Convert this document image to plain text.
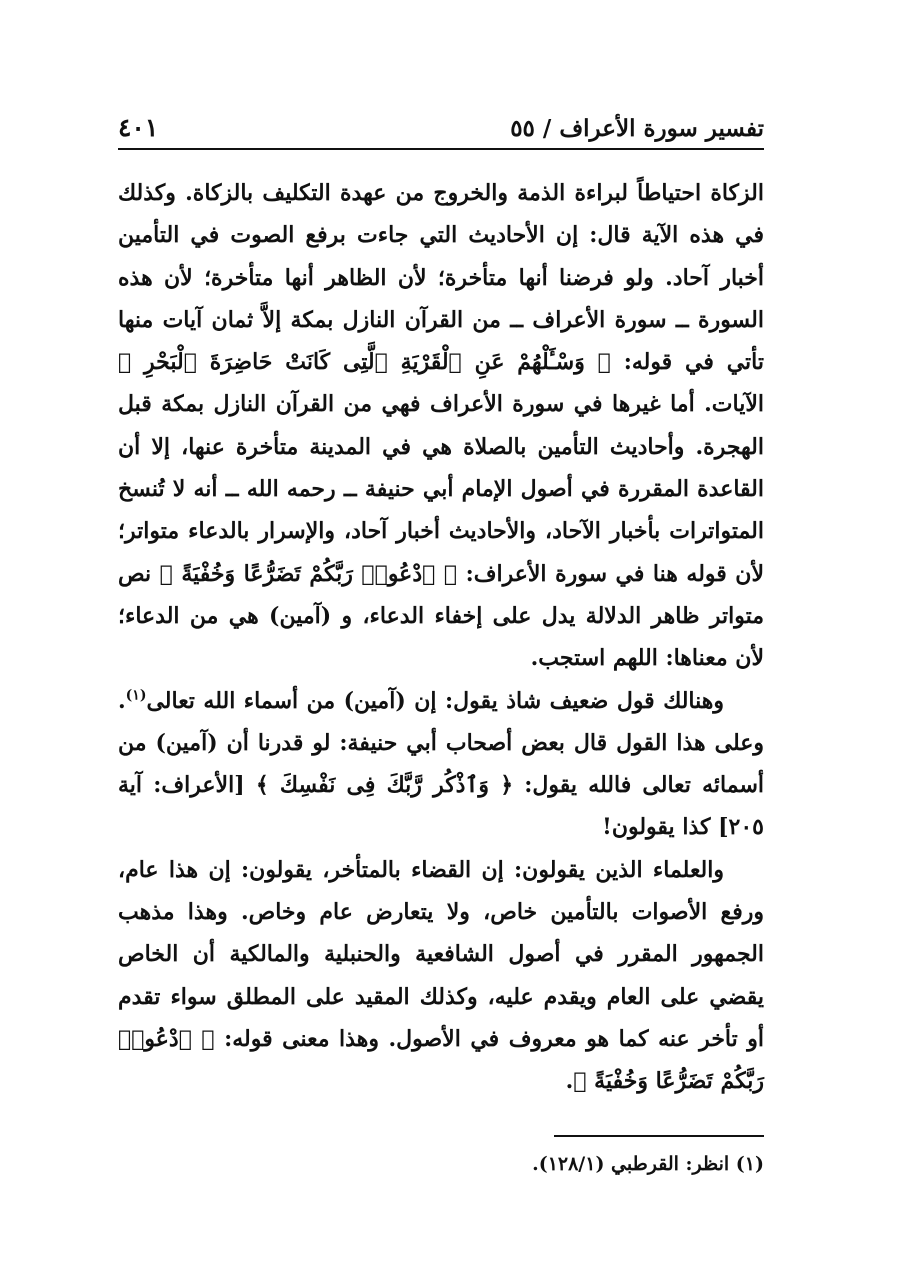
تفسير سورة الأعراف / ٥٥
٤٠١

الزكاة احتياطاً لبراءة الذمة والخروج من عهدة التكليف بالزكاة. وكذلك في هذه الآية قال: إن الأحاديث التي جاءت برفع الصوت في التأمين أخبار آحاد. ولو فرضنا أنها متأخرة؛ لأن الظاهر أنها متأخرة؛ لأن هذه السورة ــ سورة الأعراف ــ من القرآن النازل بمكة إلاَّ ثمان آيات منها تأتي في قوله: ﴿ وَسْـَٔلْهُمْ عَنِ ٱلْقَرْيَةِ ٱلَّتِى كَانَتْ حَاضِرَةَ ٱلْبَحْرِ ﴾ الآيات. أما غيرها في سورة الأعراف فهي من القرآن النازل بمكة قبل الهجرة. وأحاديث التأمين بالصلاة هي في المدينة متأخرة عنها، إلا أن القاعدة المقررة في أصول الإمام أبي حنيفة ــ رحمه الله ــ أنه لا تُنسخ المتواترات بأخبار الآحاد، والأحاديث أخبار آحاد، والإسرار بالدعاء متواتر؛ لأن قوله هنا في سورة الأعراف: ﴿ ٱدْعُوا۟ رَبَّكُمْ تَضَرُّعًا وَخُفْيَةً ﴾ نص متواتر ظاهر الدلالة يدل على إخفاء الدعاء، و (آمين) هي من الدعاء؛ لأن معناها: اللهم استجب.

وهنالك قول ضعيف شاذ يقول: إن (آمين) من أسماء الله تعالى$^{(١)}$. وعلى هذا القول قال بعض أصحاب أبي حنيفة: لو قدرنا أن (آمين) من أسمائه تعالى فالله يقول: ﴿ وَٱذْكُر رَّبَّكَ فِى نَفْسِكَ ﴾ [الأعراف: آية ٢٠٥] كذا يقولون!

والعلماء الذين يقولون: إن القضاء بالمتأخر، يقولون: إن هذا عام، ورفع الأصوات بالتأمين خاص، ولا يتعارض عام وخاص. وهذا مذهب الجمهور المقرر في أصول الشافعية والحنبلية والمالكية أن الخاص يقضي على العام ويقدم عليه، وكذلك المقيد على المطلق سواء تقدم أو تأخر عنه كما هو معروف في الأصول. وهذا معنى قوله: ﴿ ٱدْعُوا۟ رَبَّكُمْ تَضَرُّعًا وَخُفْيَةً ﴾.

(١) انظر: القرطبي (١٢٨/١).
